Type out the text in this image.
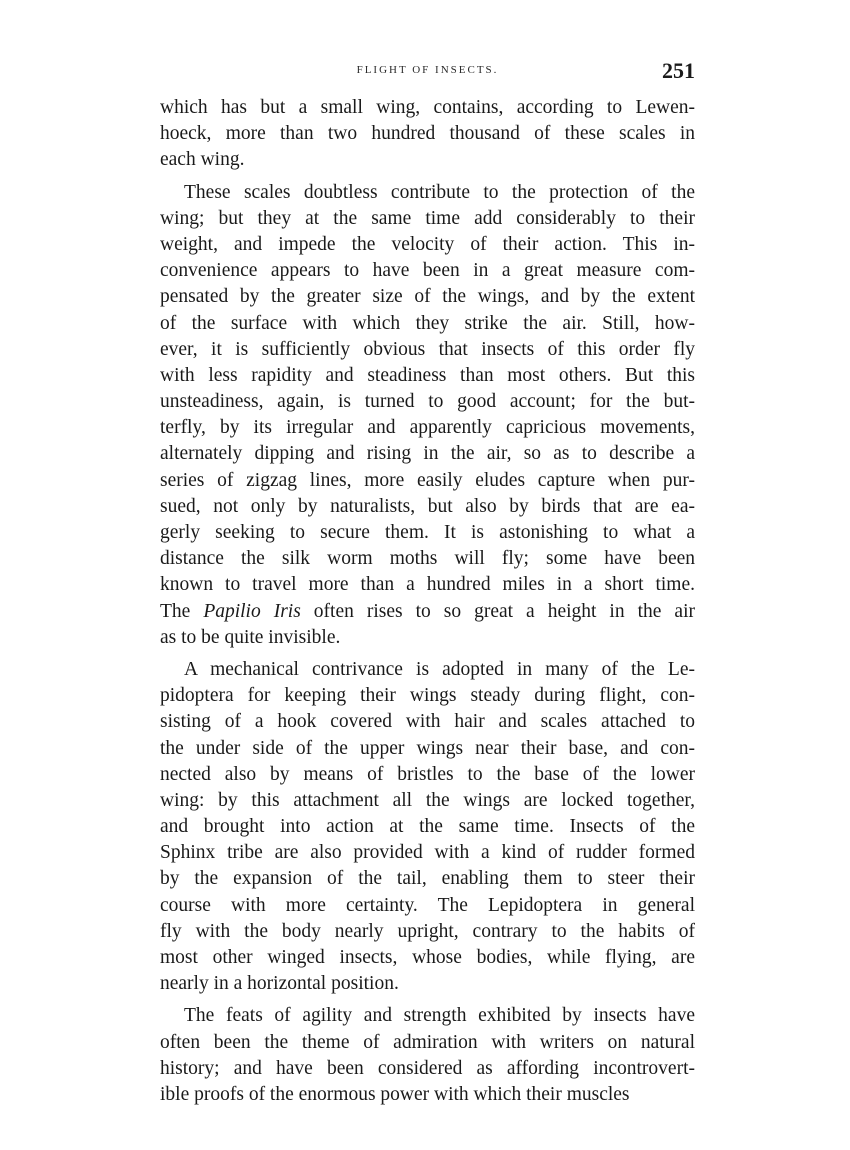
FLIGHT OF INSECTS.	251
which has but a small wing, contains, according to Lewen-
hoeck, more than two hundred thousand of these scales in
each wing.
These scales doubtless contribute to the protection of the
wing; but they at the same time add considerably to their
weight, and impede the velocity of their action. This in-
convenience appears to have been in a great measure com-
pensated by the greater size of the wings, and by the extent
of the surface with which they strike the air. Still, how-
ever, it is sufficiently obvious that insects of this order fly
with less rapidity and steadiness than most others. But this
unsteadiness, again, is turned to good account; for the but-
terfly, by its irregular and apparently capricious movements,
alternately dipping and rising in the air, so as to describe a
series of zigzag lines, more easily eludes capture when pur-
sued, not only by naturalists, but also by birds that are ea-
gerly seeking to secure them. It is astonishing to what a
distance the silk worm moths will fly; some have been
known to travel more than a hundred miles in a short time.
The Papilio Iris often rises to so great a height in the air
as to be quite invisible.
A mechanical contrivance is adopted in many of the Le-
pidoptera for keeping their wings steady during flight, con-
sisting of a hook covered with hair and scales attached to
the under side of the upper wings near their base, and con-
nected also by means of bristles to the base of the lower
wing: by this attachment all the wings are locked together,
and brought into action at the same time. Insects of the
Sphinx tribe are also provided with a kind of rudder formed
by the expansion of the tail, enabling them to steer their
course with more certainty. The Lepidoptera in general
fly with the body nearly upright, contrary to the habits of
most other winged insects, whose bodies, while flying, are
nearly in a horizontal position.
The feats of agility and strength exhibited by insects have
often been the theme of admiration with writers on natural
history; and have been considered as affording incontrovert-
ible proofs of the enormous power with which their muscles
